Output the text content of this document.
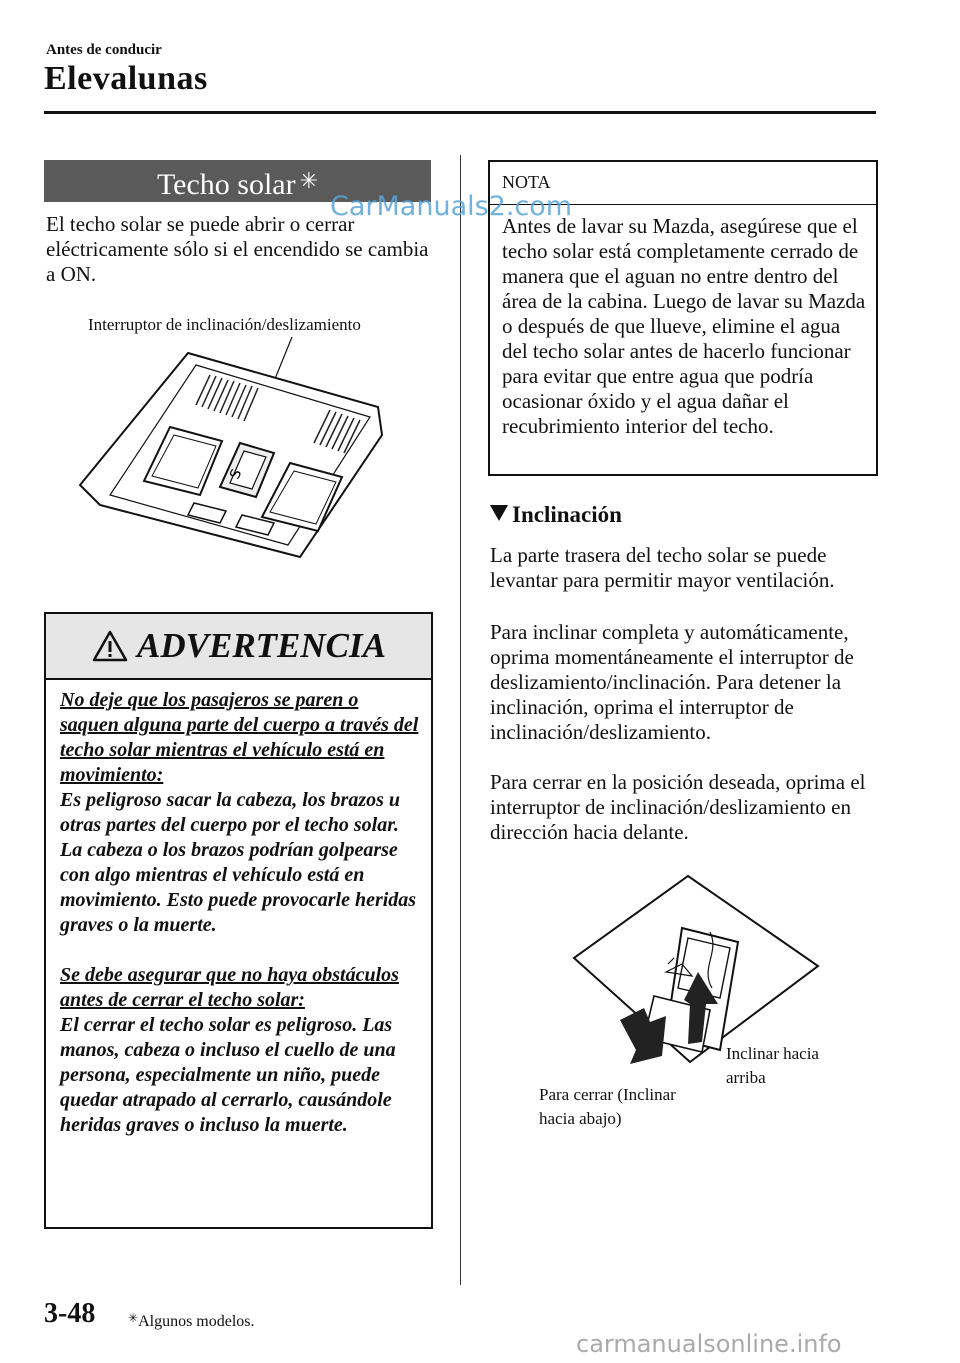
Antes de conducir
Elevalunas
Techo solar ✳
El techo solar se puede abrir o cerrar eléctricamente sólo si el encendido se cambia a ON.
Interruptor de inclinación/deslizamiento
S
ADVERTENCIA
No deje que los pasajeros se paren o saquen alguna parte del cuerpo a través del techo solar mientras el vehículo está en movimiento:
Es peligroso sacar la cabeza, los brazos u otras partes del cuerpo por el techo solar. La cabeza o los brazos podrían golpearse con algo mientras el vehículo está en movimiento. Esto puede provocarle heridas graves o la muerte.
Se debe asegurar que no haya obstáculos antes de cerrar el techo solar:
El cerrar el techo solar es peligroso. Las manos, cabeza o incluso el cuello de una persona, especialmente un niño, puede quedar atrapado al cerrarlo, causándole heridas graves o incluso la muerte.
NOTA
Antes de lavar su Mazda, asegúrese que el techo solar está completamente cerrado de manera que el aguan no entre dentro del área de la cabina. Luego de lavar su Mazda o después de que llueve, elimine el agua del techo solar antes de hacerlo funcionar para evitar que entre agua que podría ocasionar óxido y el agua dañar el recubrimiento interior del techo.
Inclinación
La parte trasera del techo solar se puede levantar para permitir mayor ventilación.
Para inclinar completa y automáticamente, oprima momentáneamente el interruptor de deslizamiento/inclinación. Para detener la inclinación, oprima el interruptor de inclinación/deslizamiento.
Para cerrar en la posición deseada, oprima el interruptor de inclinación/deslizamiento en dirección hacia delante.
Inclinar hacia arriba
Para cerrar (Inclinar hacia abajo)
3-48	✳Algunos modelos.
CarManuals2.com
carmanualsonline.info
